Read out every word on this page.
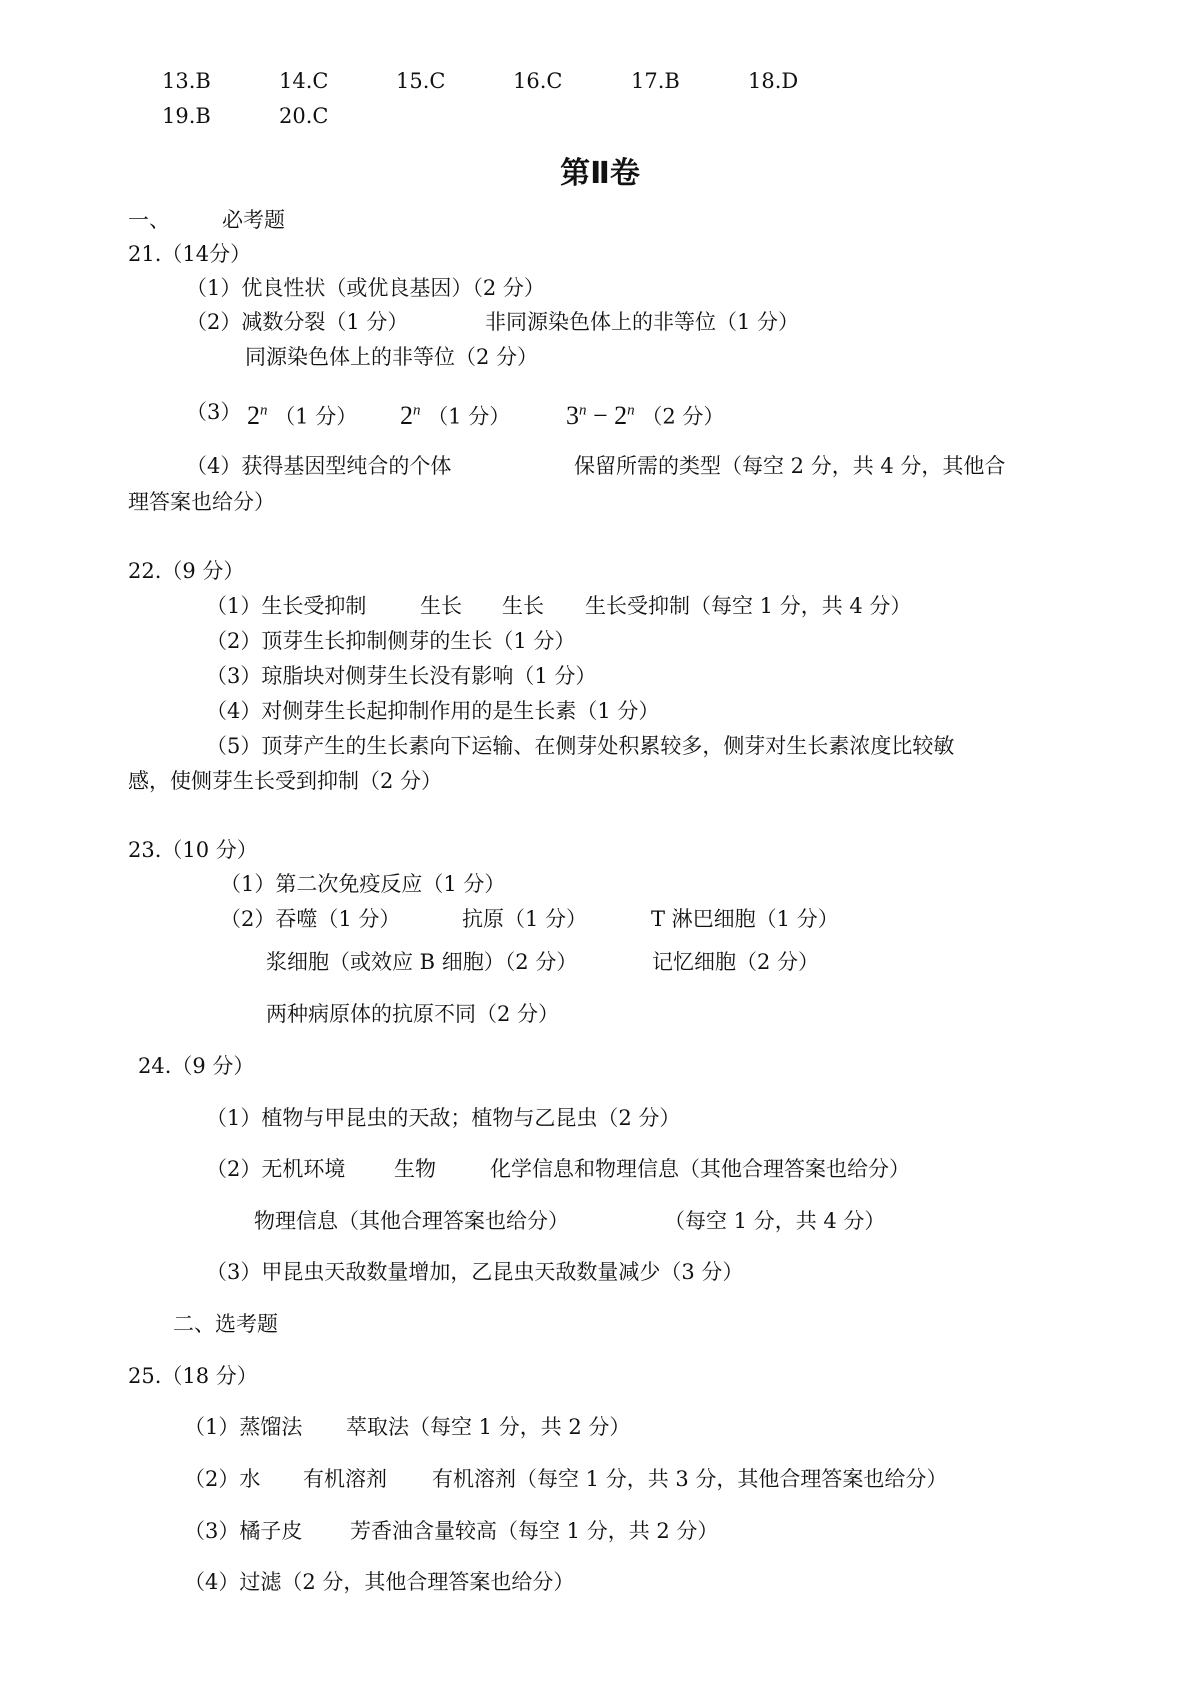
13.B	14.C	15.C	16.C	17.B	18.D
19.B	20.C
第Ⅱ卷
一、 必考题
21.（14分）
（1）优良性状（或优良基因）（2 分）
（2）减数分裂（1 分）	非同源染色体上的非等位（1 分）
同源染色体上的非等位（2 分）
（3） 2$^n$ （1 分） 2$^n$ （1 分） $3^n - 2^n$ （2 分）
（4）获得基因型纯合的个体	保留所需的类型（每空 2 分，共 4 分，其他合
理答案也给分）
22.（9 分）
（1）生长受抑制	生长 生长 生长受抑制（每空 1 分，共 4 分）
（2）顶芽生长抑制侧芽的生长（1 分）
（3）琼脂块对侧芽生长没有影响（1 分）
（4）对侧芽生长起抑制作用的是生长素（1 分）
（5）顶芽产生的生长素向下运输、在侧芽处积累较多，侧芽对生长素浓度比较敏
感，使侧芽生长受到抑制（2 分）
23.（10 分）
（1）第二次免疫反应（1 分）
（2）吞噬（1 分）	抗原（1 分）	T 淋巴细胞（1 分）
浆细胞（或效应 B 细胞）（2 分）	记忆细胞（2 分）
两种病原体的抗原不同（2 分）
24.（9 分）
（1）植物与甲昆虫的天敌；植物与乙昆虫（2 分）
（2）无机环境 生物	化学信息和物理信息（其他合理答案也给分）
物理信息（其他合理答案也给分）	（每空 1 分，共 4 分）
（3）甲昆虫天敌数量增加，乙昆虫天敌数量减少（3 分）
二、选考题
25.（18 分）
（1）蒸馏法 萃取法（每空 1 分，共 2 分）
（2）水 有机溶剂 有机溶剂（每空 1 分，共 3 分，其他合理答案也给分）
（3）橘子皮 芳香油含量较高（每空 1 分，共 2 分）
（4）过滤（2 分，其他合理答案也给分）
